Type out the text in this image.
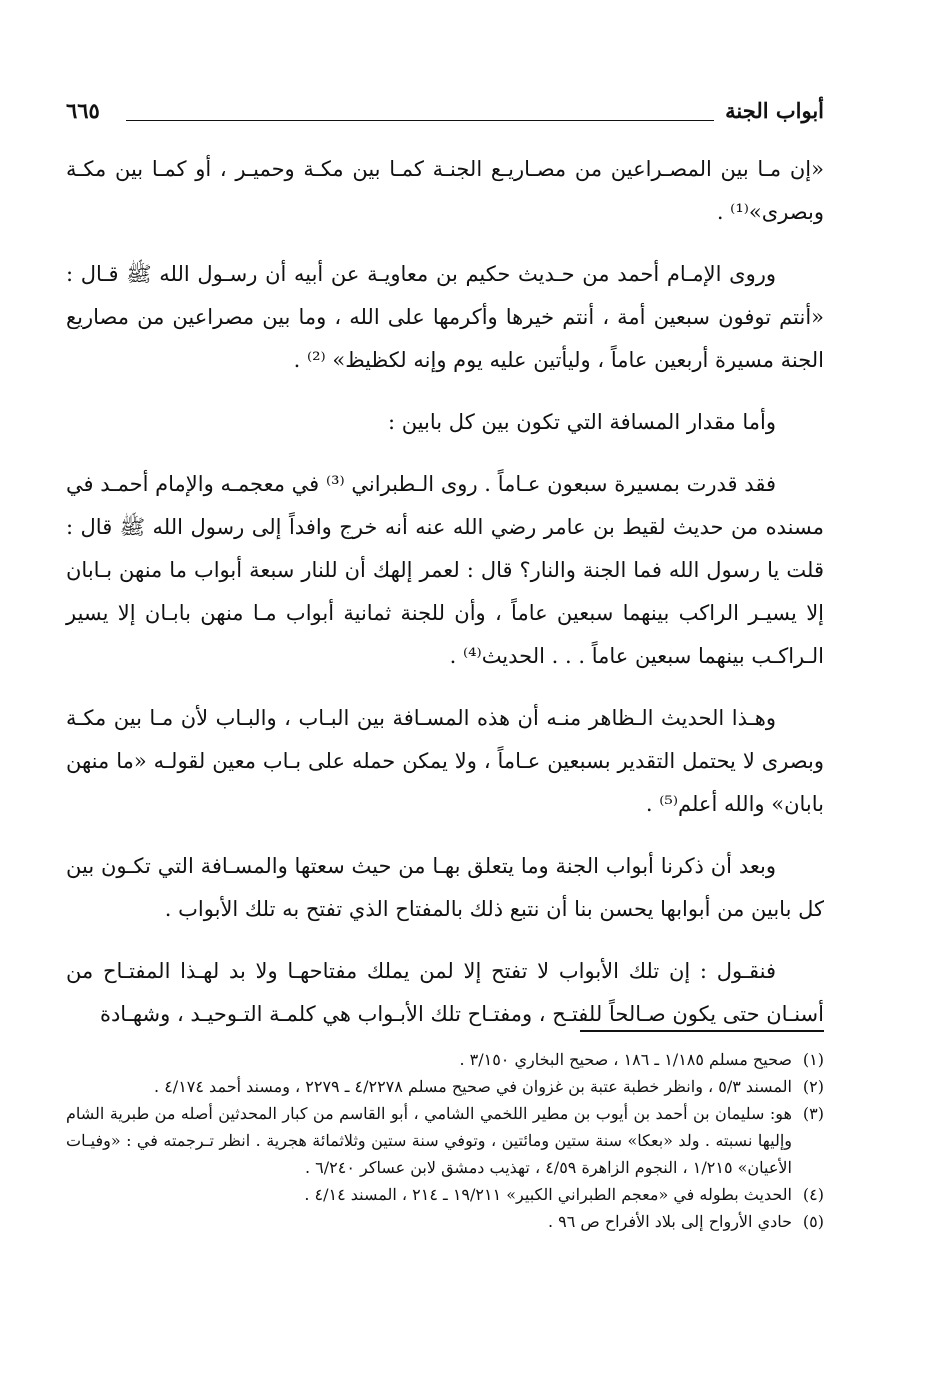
أبواب الجنة
٦٦٥

«إن مـا بين المصـراعين من مصـاريـع الجنـة كمـا بين مكـة وحميـر ، أو كمـا بين مكـة وبصرى»⁽¹⁾ .

وروى الإمـام أحمد من حـديث حكيم بن معاويـة عن أبيه أن رسـول الله ﷺ قـال : «أنتم توفون سبعين أمة ، أنتم خيرها وأكرمها على الله ، وما بين مصراعين من مصاريع الجنة مسيرة أربعين عاماً ، وليأتين عليه يوم وإنه لكظيظ» ⁽²⁾ .

وأما مقدار المسافة التي تكون بين كل بابين :

فقد قدرت بمسيرة سبعون عـاماً . روى الـطبراني ⁽³⁾ في معجمـه والإمام أحمـد في مسنده من حديث لقيط بن عامر رضي الله عنه أنه خرج وافداً إلى رسول الله ﷺ قال : قلت يا رسول الله فما الجنة والنار؟ قال : لعمر إلهك أن للنار سبعة أبواب ما منهن بـابان إلا يسيـر الراكب بينهما سبعين عاماً ، وأن للجنة ثمانية أبواب مـا منهن بابـان إلا يسير الـراكـب بينهما سبعين عاماً . . . الحديث⁽⁴⁾ .

وهـذا الحديث الـظاهر منـه أن هذه المسـافة بين البـاب ، والبـاب لأن مـا بين مكـة وبصرى لا يحتمل التقدير بسبعين عـاماً ، ولا يمكن حمله على بـاب معين لقولـه «ما منهن بابان» والله أعلم⁽⁵⁾ .

وبعد أن ذكرنا أبواب الجنة وما يتعلق بهـا من حيث سعتها والمسـافة التي تكـون بين كل بابين من أبوابها يحسن بنا أن نتبع ذلك بالمفتاح الذي تفتح به تلك الأبواب .

فنقـول : إن تلك الأبواب لا تفتح إلا لمن يملك مفتاحهـا ولا بد لهـذا المفتـاح من أسنـان حتى يكون صـالحاً للفتـح ، ومفتـاح تلك الأبـواب هي كلمـة التـوحيـد ، وشهـادة

(١)
صحيح مسلم ١/١٨٥ ـ ١٨٦ ، صحيح البخاري ٣/١٥٠ .
(٢)
المسند ٥/٣ ، وانظر خطبة عتبة بن غزوان في صحيح مسلم ٤/٢٢٧٨ ـ ٢٢٧٩ ، ومسند أحمد ٤/١٧٤ .
(٣)
هو: سليمان بن أحمد بن أيوب بن مطير اللخمي الشامي ، أبو القاسم من كبار المحدثين أصله من طبرية الشام وإليها نسبته . ولد «بعكا» سنة ستين ومائتين ، وتوفي سنة ستين وثلاثمائة هجرية . انظر تـرجمته في : «وفيـات الأعيان» ١/٢١٥ ، النجوم الزاهرة ٤/٥٩ ، تهذيب دمشق لابن عساكر ٦/٢٤٠ .
(٤)
الحديث بطوله في «معجم الطبراني الكبير» ١٩/٢١١ ـ ٢١٤ ، المسند ٤/١٤ .
(٥)
حادي الأرواح إلى بلاد الأفراح ص ٩٦ .
